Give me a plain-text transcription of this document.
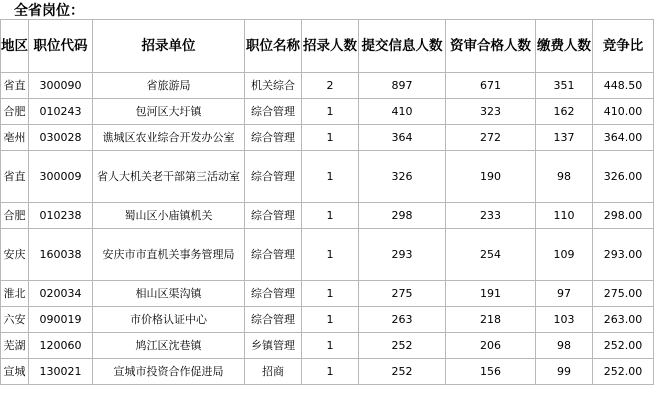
全省岗位：
地区	职位代码	招录单位	职位名称	招录人数	提交信息人数	资审合格人数	缴费人数	竞争比
省直	300090	省旅游局	机关综合	2	897	671	351	448.50
合肥	010243	包河区大圩镇	综合管理	1	410	323	162	410.00
亳州	030028	谯城区农业综合开发办公室	综合管理	1	364	272	137	364.00
省直	300009	省人大机关老干部第三活动室	综合管理	1	326	190	98	326.00
合肥	010238	蜀山区小庙镇机关	综合管理	1	298	233	110	298.00
安庆	160038	安庆市市直机关事务管理局	综合管理	1	293	254	109	293.00
淮北	020034	相山区渠沟镇	综合管理	1	275	191	97	275.00
六安	090019	市价格认证中心	综合管理	1	263	218	103	263.00
芜湖	120060	鸠江区沈巷镇	乡镇管理	1	252	206	98	252.00
宣城	130021	宣城市投资合作促进局	招商	1	252	156	99	252.00
